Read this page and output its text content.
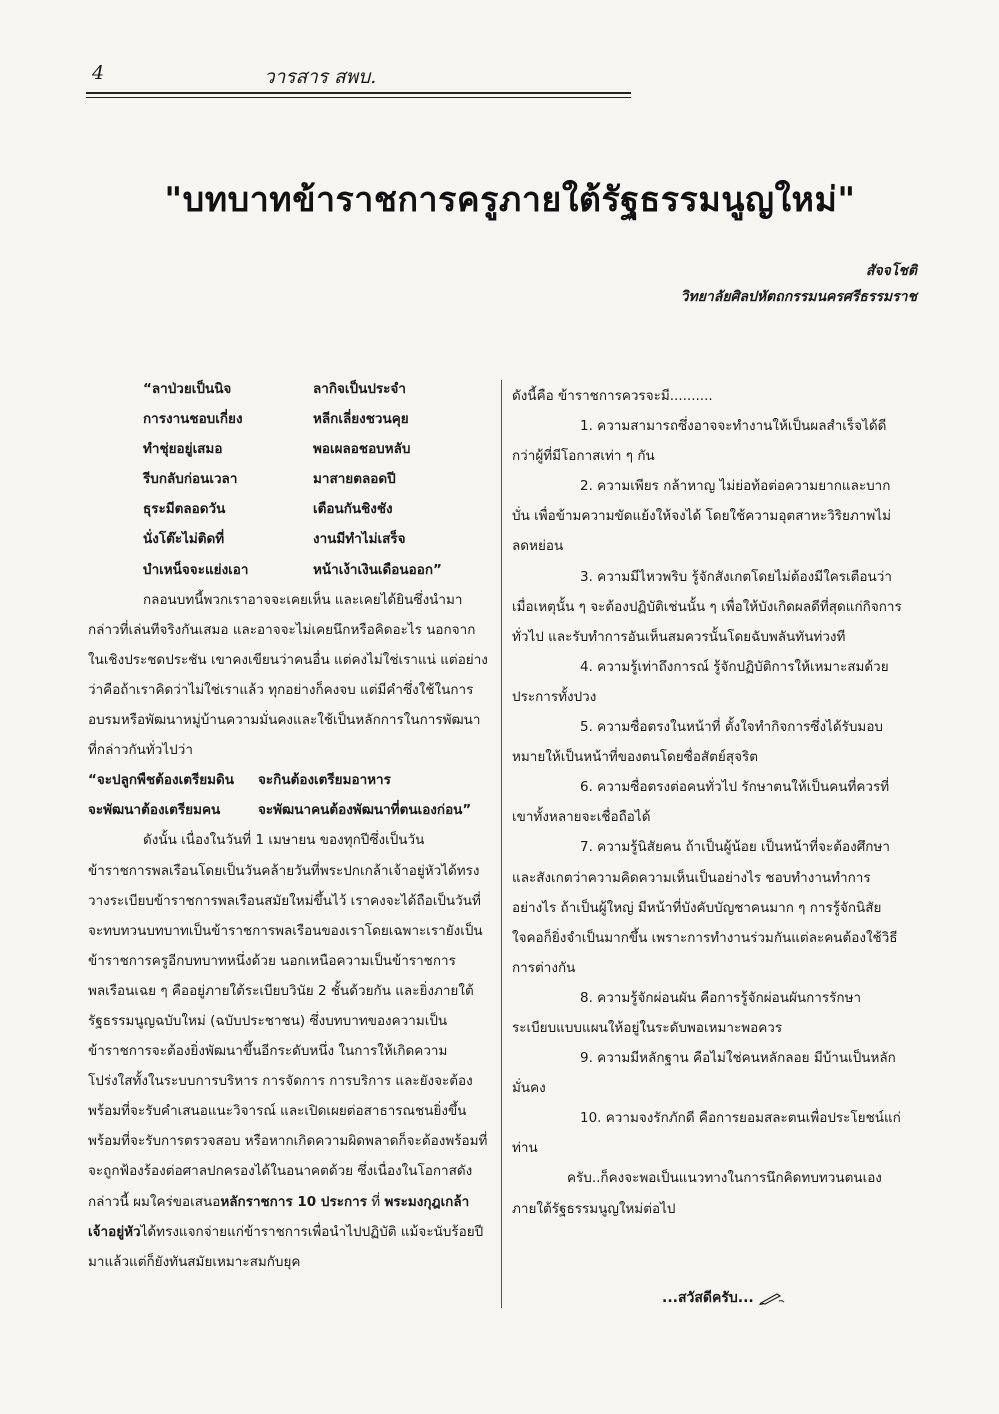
4	วารสาร สพบ.
"บทบาทข้าราชการครูภายใต้รัฐธรรมนูญใหม่"
สัจจโชติ
วิทยาลัยศิลปหัตถกรรมนครศรีธรรมราช
“ลาป่วยเป็นนิจ	ลากิจเป็นประจำ
การงานชอบเกี่ยง	หลีกเลี่ยงชวนคุย
ทำชุ่ยอยู่เสมอ	พอเผลอชอบหลับ
รีบกลับก่อนเวลา	มาสายตลอดปี
ธุระมีตลอดวัน	เตือนกันชิงชัง
นั่งโต๊ะไม่ติดที่	งานมีทำไม่เสร็จ
บำเหน็จจะแย่งเอา	หน้าเง้าเงินเดือนออก”

กลอนบทนี้พวกเราอาจจะเคยเห็น และเคยได้ยินซึ่งนำมากล่าวที่เล่นทีจริงกันเสมอ และอาจจะไม่เคยนึกหรือคิดอะไร นอกจากในเชิงประชดประชัน เขาคงเขียนว่าคนอื่น แต่คงไม่ใช่เราแน่ แต่อย่างว่าคือถ้าเราคิดว่าไม่ใช่เราแล้ว ทุกอย่างก็คงจบ แต่มีคำซึ่งใช้ในการอบรมหรือพัฒนาหมู่บ้านความมั่นคงและใช้เป็นหลักการในการพัฒนาที่กล่าวกันทั่วไปว่า

“จะปลูกพืชต้องเตรียมดิน จะกินต้องเตรียมอาหาร
จะพัฒนาต้องเตรียมคน	จะพัฒนาคนต้องพัฒนาที่ตนเองก่อน”

ดังนั้น เนื่องในวันที่ 1 เมษายน ของทุกปีซึ่งเป็นวันข้าราชการพลเรือนโดยเป็นวันคล้ายวันที่พระปกเกล้าเจ้าอยู่หัวได้ทรงวางระเบียบข้าราชการพลเรือนสมัยใหม่ขึ้นไว้ เราคงจะได้ถือเป็นวันที่จะทบทวนบทบาทเป็นข้าราชการพลเรือนของเราโดยเฉพาะเรายังเป็นข้าราชการครูอีกบทบาทหนึ่งด้วย นอกเหนือความเป็นข้าราชการพลเรือนเฉย ๆ คืออยู่ภายใต้ระเบียบวินัย 2 ชั้นด้วยกัน และยิ่งภายใต้รัฐธรรมนูญฉบับใหม่ (ฉบับประชาชน) ซึ่งบทบาทของความเป็นข้าราชการจะต้องยิ่งพัฒนาขึ้นอีกระดับหนึ่ง ในการให้เกิดความโปร่งใสทั้งในระบบการบริหาร การจัดการ การบริการ และยังจะต้องพร้อมที่จะรับคำเสนอแนะวิจารณ์ และเปิดเผยต่อสาธารณชนยิ่งขึ้น พร้อมที่จะรับการตรวจสอบ หรือหากเกิดความผิดพลาดก็จะต้องพร้อมที่จะถูกฟ้องร้องต่อศาลปกครองได้ในอนาคตด้วย ซึ่งเนื่องในโอกาสดังกล่าวนี้ ผมใคร่ขอเสนอหลักราชการ 10 ประการ ที่ พระมงกุฎเกล้าเจ้าอยู่หัวได้ทรงแจกจ่ายแก่ข้าราชการเพื่อนำไปปฏิบัติ แม้จะนับร้อยปีมาแล้วแต่ก็ยังทันสมัยเหมาะสมกับยุค

ดังนี้คือ ข้าราชการควรจะมี..........

1. ความสามารถซึ่งอาจจะทำงานให้เป็นผลสำเร็จได้ดีกว่าผู้ที่มีโอกาสเท่า ๆ กัน

2. ความเพียร กล้าหาญ ไม่ย่อท้อต่อความยากและบากบั่น เพื่อข้ามความขัดแย้งให้จงได้ โดยใช้ความอุตสาหะวิริยภาพไม่ลดหย่อน

3. ความมีไหวพริบ รู้จักสังเกตโดยไม่ต้องมีใครเตือนว่าเมื่อเหตุนั้น ๆ จะต้องปฏิบัติเช่นนั้น ๆ เพื่อให้บังเกิดผลดีที่สุดแก่กิจการทั่วไป และรับทำการอันเห็นสมควรนั้นโดยฉับพลันทันท่วงที

4. ความรู้เท่าถึงการณ์ รู้จักปฏิบัติการให้เหมาะสมด้วยประการทั้งปวง

5. ความซื่อตรงในหน้าที่ ตั้งใจทำกิจการซึ่งได้รับมอบหมายให้เป็นหน้าที่ของตนโดยซื่อสัตย์สุจริต

6. ความซื่อตรงต่อคนทั่วไป รักษาตนให้เป็นคนที่ควรที่เขาทั้งหลายจะเชื่อถือได้

7. ความรู้นิสัยคน ถ้าเป็นผู้น้อย เป็นหน้าที่จะต้องศึกษาและสังเกตว่าความคิดความเห็นเป็นอย่างไร ชอบทำงานทำการอย่างไร ถ้าเป็นผู้ใหญ่ มีหน้าที่บังคับบัญชาคนมาก ๆ การรู้จักนิสัยใจคอก็ยิ่งจำเป็นมากขึ้น เพราะการทำงานร่วมกันแต่ละคนต้องใช้วิธีการต่างกัน

8. ความรู้จักผ่อนผัน คือการรู้จักผ่อนผันการรักษาระเบียบแบบแผนให้อยู่ในระดับพอเหมาะพอควร

9. ความมีหลักฐาน คือไม่ใช่คนหลักลอย มีบ้านเป็นหลักมั่นคง

10. ความจงรักภักดี คือการยอมสละตนเพื่อประโยชน์แก่ท่าน

ครับ..ก็คงจะพอเป็นแนวทางในการนึกคิดทบทวนตนเองภายใต้รัฐธรรมนูญใหม่ต่อไป

...สวัสดีครับ...
